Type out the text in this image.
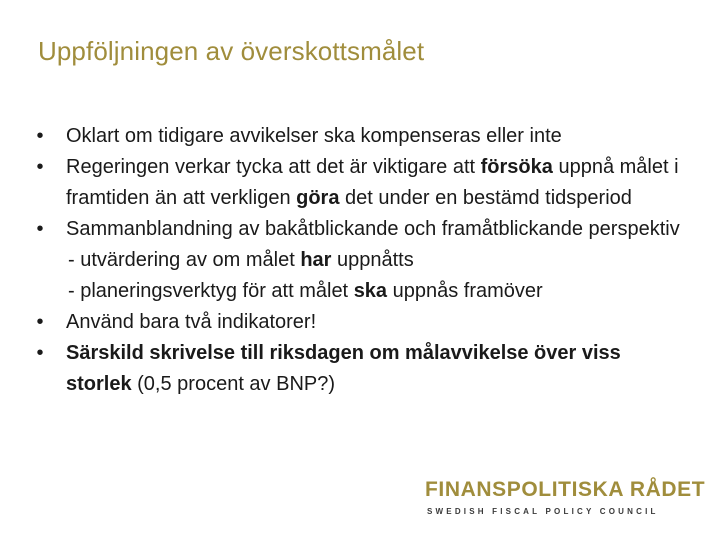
Uppföljningen av överskottsmålet
•	Oklart om tidigare avvikelser ska kompenseras eller inte
•	Regeringen verkar tycka att det är viktigare att försöka uppnå målet i framtiden än att verkligen göra det under en bestämd tidsperiod
•	Sammanblandning av bakåtblickande och framåtblickande perspektiv
- utvärdering av om målet har uppnåtts
- planeringsverktyg för att målet ska uppnås framöver
•	Använd bara två indikatorer!
•	Särskild skrivelse till riksdagen om målavvikelse över viss storlek (0,5 procent av BNP?)
FINANSPOLITISKA RÅDET
SWEDISH FISCAL POLICY COUNCIL
